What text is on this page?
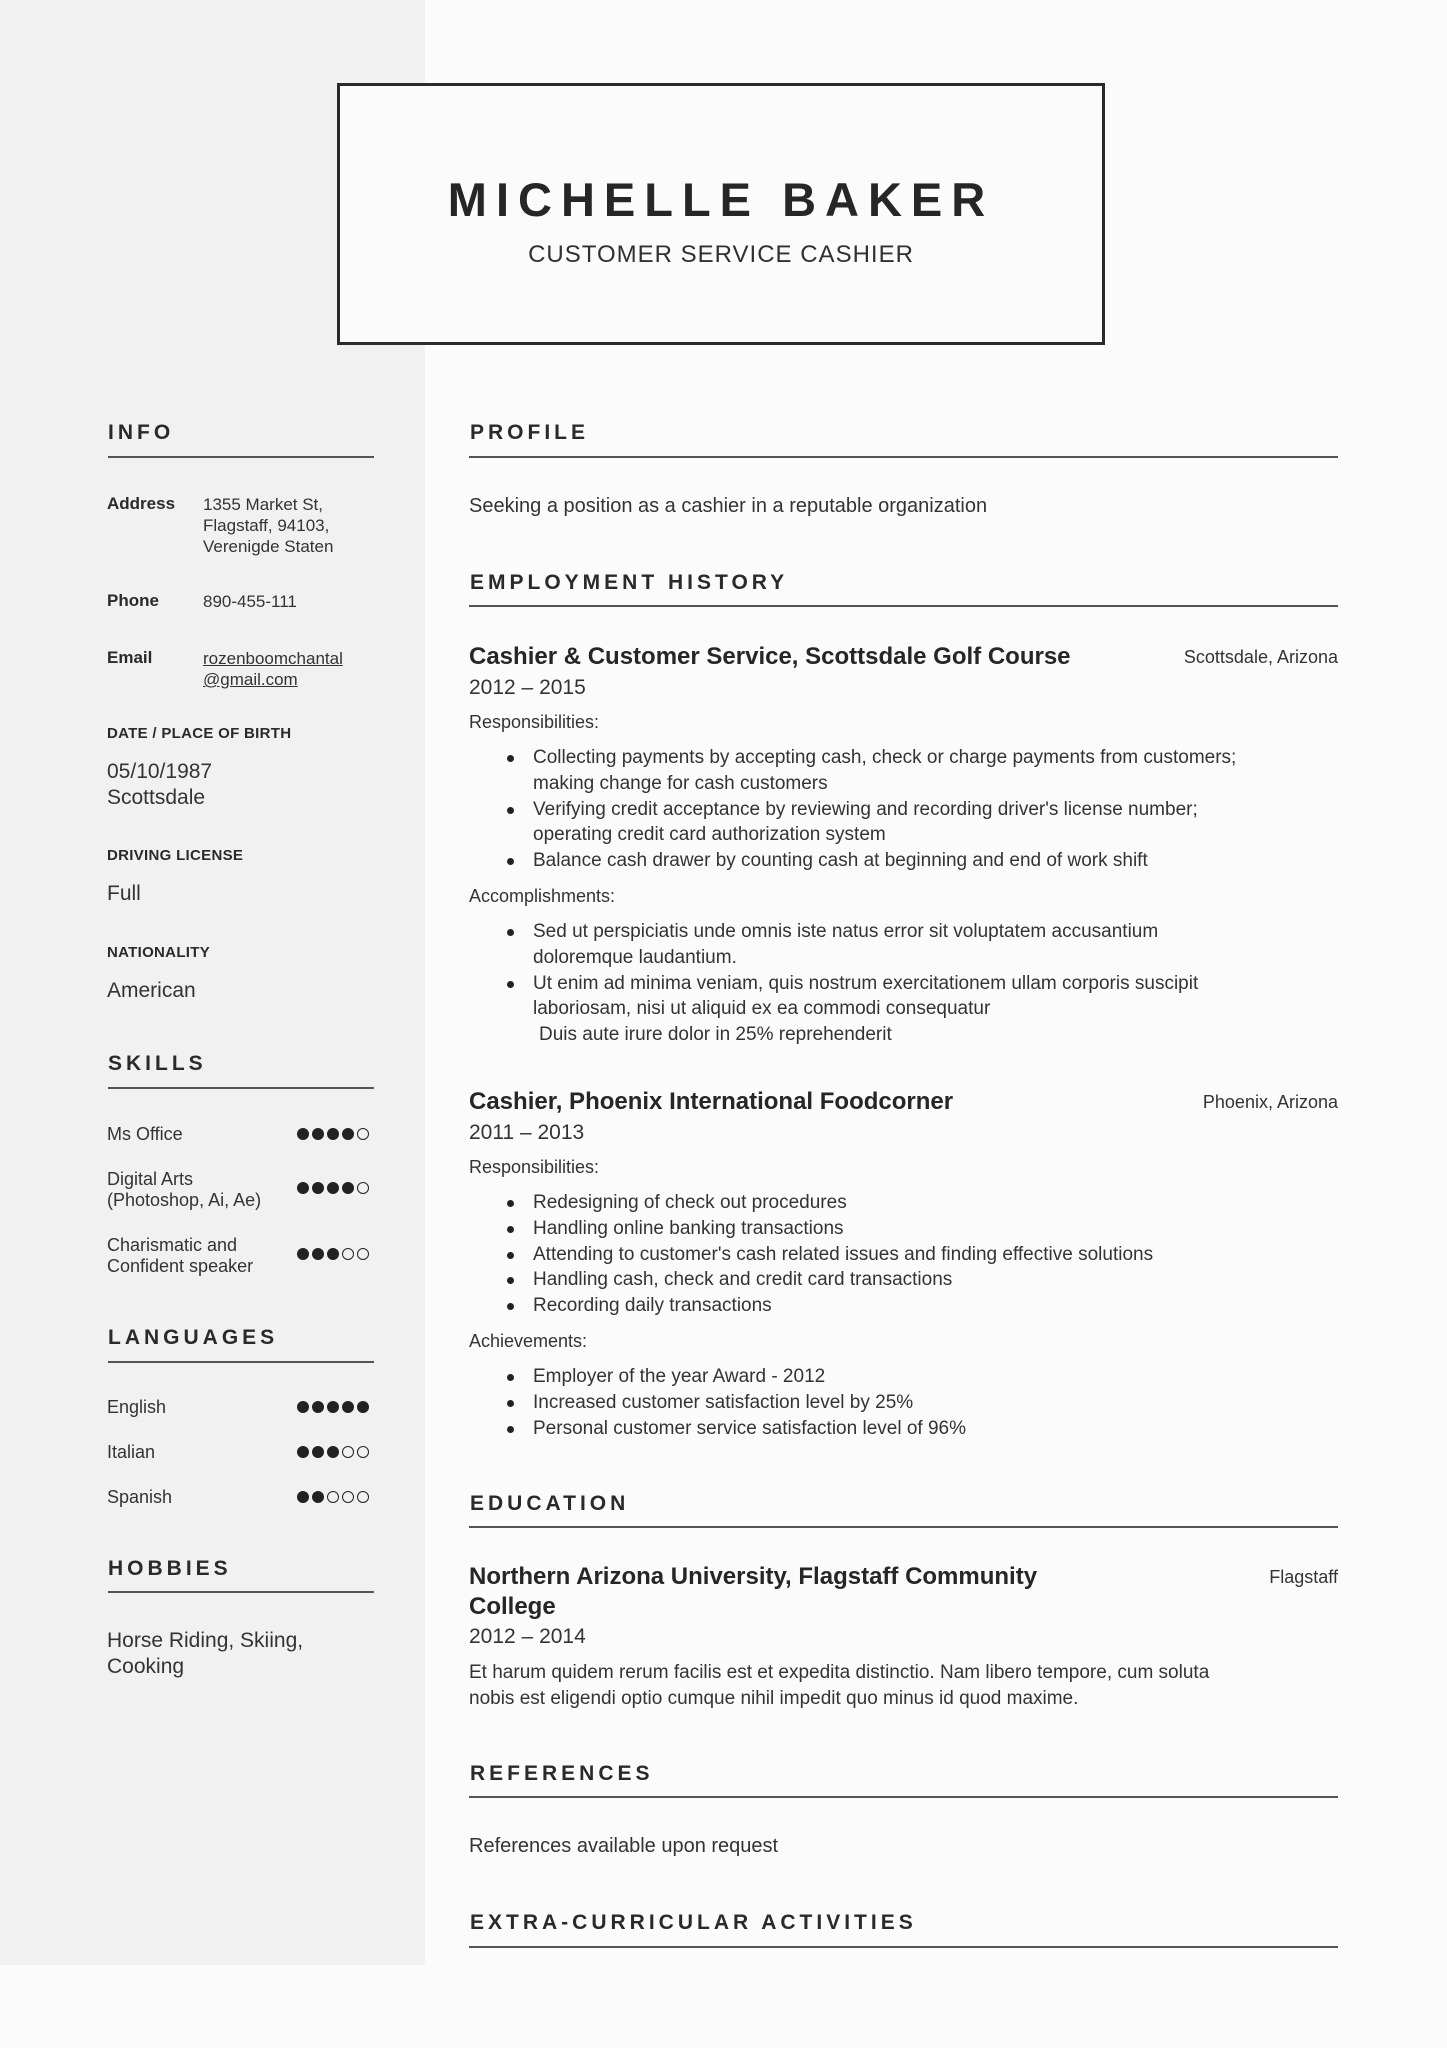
MICHELLE BAKER
CUSTOMER SERVICE CASHIER
INFO
Address 1355 Market St,
Flagstaff, 94103,
Verenigde Staten
Phone	890-455-111
Email	rozenboomchantal
@gmail.com
DATE / PLACE OF BIRTH
05/10/1987
Scottsdale
DRIVING LICENSE
Full
NATIONALITY
American
SKILLS
Ms Office
Digital Arts
(Photoshop, Ai, Ae)
Charismatic and
Confident speaker
LANGUAGES
English
Italian
Spanish
HOBBIES
Horse Riding, Skiing,
Cooking
PROFILE
Seeking a position as a cashier in a reputable organization
EMPLOYMENT HISTORY
Cashier & Customer Service, Scottsdale Golf Course	Scottsdale, Arizona
2012 – 2015
Responsibilities:
Collecting payments by accepting cash, check or charge payments from customers;
making change for cash customers
Verifying credit acceptance by reviewing and recording driver's license number;
operating credit card authorization system
Balance cash drawer by counting cash at beginning and end of work shift
Accomplishments:
Sed ut perspiciatis unde omnis iste natus error sit voluptatem accusantium
doloremque laudantium.
Ut enim ad minima veniam, quis nostrum exercitationem ullam corporis suscipit
laboriosam, nisi ut aliquid ex ea commodi consequatur
Duis aute irure dolor in 25% reprehenderit
Cashier, Phoenix International Foodcorner	Phoenix, Arizona
2011 – 2013
Responsibilities:
Redesigning of check out procedures
Handling online banking transactions
Attending to customer's cash related issues and finding effective solutions
Handling cash, check and credit card transactions
Recording daily transactions
Achievements:
Employer of the year Award - 2012
Increased customer satisfaction level by 25%
Personal customer service satisfaction level of 96%
EDUCATION
Northern Arizona University, Flagstaff Community
College
Flagstaff
2012 – 2014
Et harum quidem rerum facilis est et expedita distinctio. Nam libero tempore, cum soluta
nobis est eligendi optio cumque nihil impedit quo minus id quod maxime.
REFERENCES
References available upon request
EXTRA-CURRICULAR ACTIVITIES
